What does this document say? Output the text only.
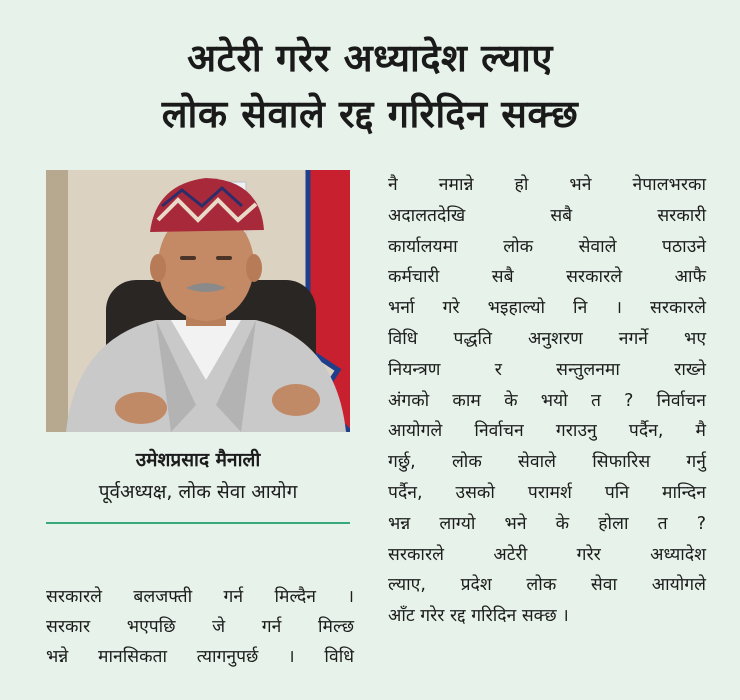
अटेरी गरेर अध्यादेश ल्याए
लोक सेवाले रद्द गरिदिन सक्छ
उमेशप्रसाद मैनाली
पूर्वअध्यक्ष, लोक सेवा आयोग
सरकारले बलजफ्ती गर्न मिल्दैन ।
सरकार भएपछि जे गर्न मिल्छ
भन्ने मानसिकता त्यागनुपर्छ । विधि
नै नमान्ने हो भने नेपालभरका
अदालतदेखि सबै सरकारी
कार्यालयमा लोक सेवाले पठाउने
कर्मचारी सबै सरकारले आफै
भर्ना गरे भइहाल्यो नि । सरकारले
विधि पद्धति अनुशरण नगर्ने भए
नियन्त्रण र सन्तुलनमा राख्ने
अंगको काम के भयो त ? निर्वाचन
आयोगले निर्वाचन गराउनु पर्दैन, मै
गर्छु, लोक सेवाले सिफारिस गर्नु
पर्दैन, उसको परामर्श पनि मान्दिन
भन्न लाग्यो भने के होला त ?
सरकारले अटेरी गरेर अध्यादेश
ल्याए, प्रदेश लोक सेवा आयोगले
आँट गरेर रद्द गरिदिन सक्छ ।
